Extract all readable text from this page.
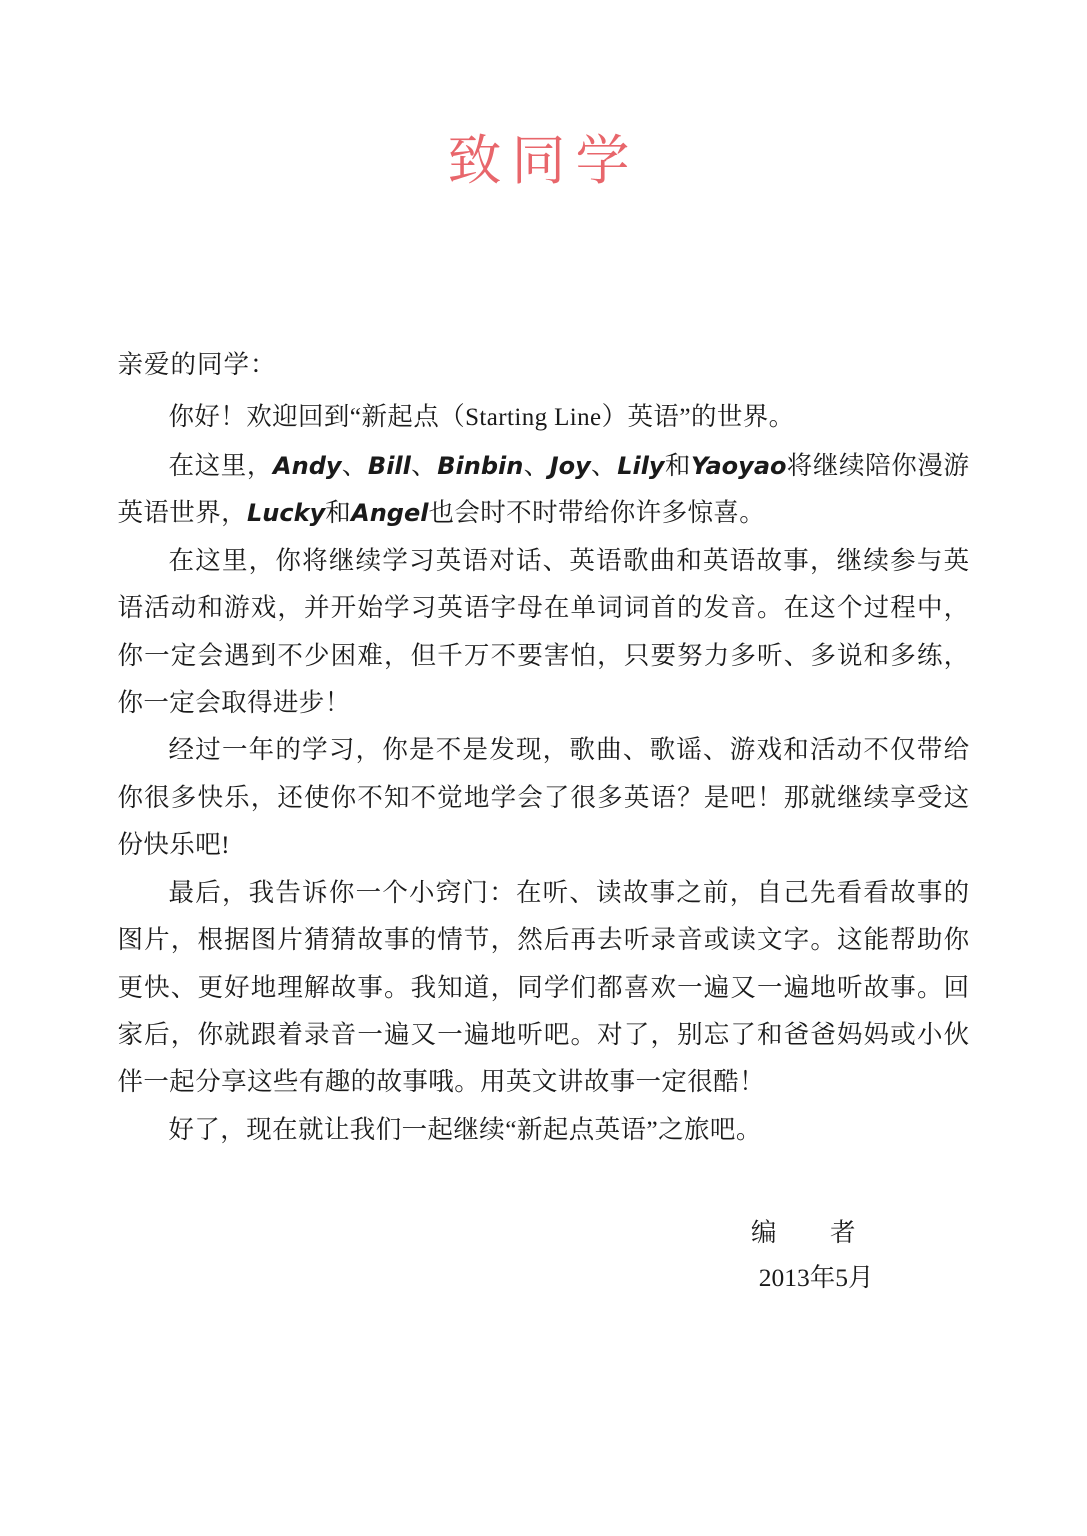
致同学
亲爱的同学：

你好！欢迎回到“新起点（Starting Line）英语”的世界。

在这里，Andy、Bill、Binbin、Joy、Lily和Yaoyao将继续陪你漫游英语世界，Lucky和Angel也会时不时带给你许多惊喜。

在这里，你将继续学习英语对话、英语歌曲和英语故事，继续参与英语活动和游戏，并开始学习英语字母在单词词首的发音。在这个过程中，你一定会遇到不少困难，但千万不要害怕，只要努力多听、多说和多练，你一定会取得进步！

经过一年的学习，你是不是发现，歌曲、歌谣、游戏和活动不仅带给你很多快乐，还使你不知不觉地学会了很多英语？是吧！那就继续享受这份快乐吧!

最后，我告诉你一个小窍门：在听、读故事之前，自己先看看故事的图片，根据图片猜猜故事的情节，然后再去听录音或读文字。这能帮助你更快、更好地理解故事。我知道，同学们都喜欢一遍又一遍地听故事。回家后，你就跟着录音一遍又一遍地听吧。对了，别忘了和爸爸妈妈或小伙伴一起分享这些有趣的故事哦。用英文讲故事一定很酷！

好了，现在就让我们一起继续“新起点英语”之旅吧。

编　者
2013年5月
